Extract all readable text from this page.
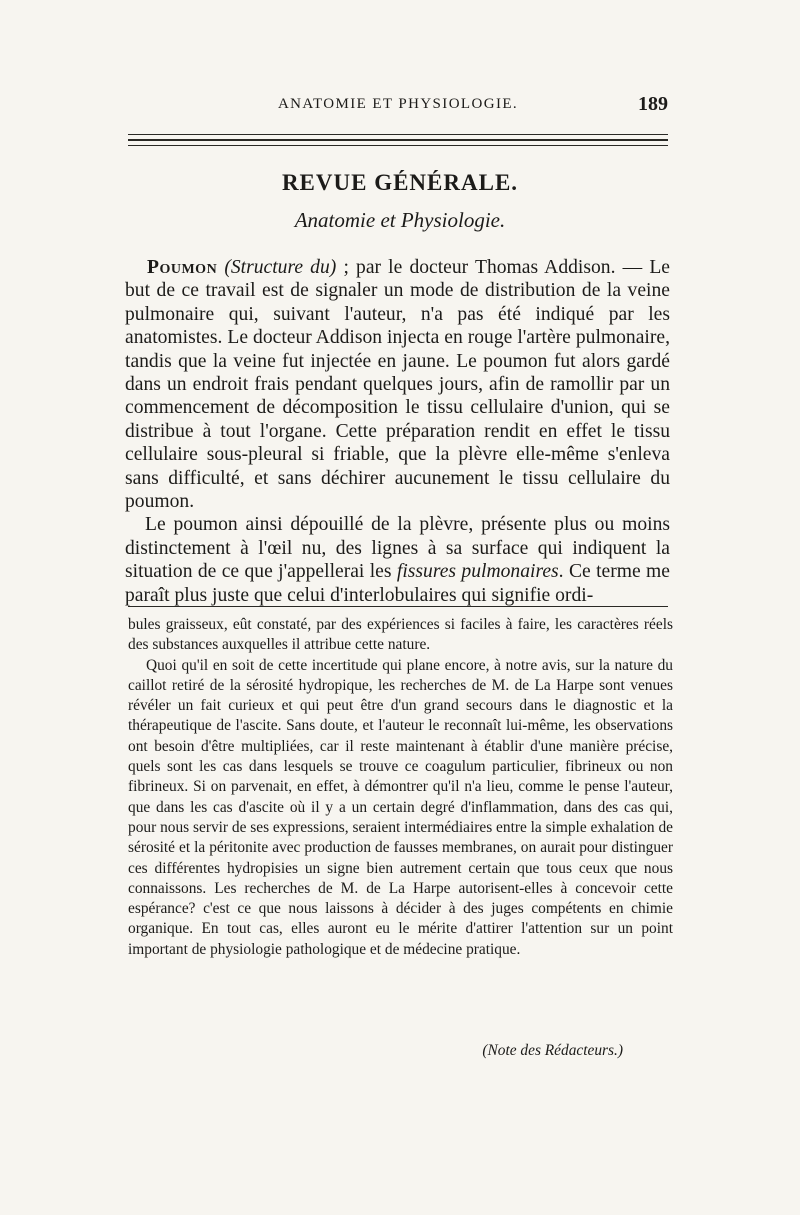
ANATOMIE ET PHYSIOLOGIE.	189
REVUE GÉNÉRALE.
Anatomie et Physiologie.

Poumon (Structure du) ; par le docteur Thomas Addison. — Le but de ce travail est de signaler un mode de distribution de la veine pulmonaire qui, suivant l'auteur, n'a pas été indiqué par les anatomistes. Le docteur Addison injecta en rouge l'artère pulmonaire, tandis que la veine fut injectée en jaune. Le poumon fut alors gardé dans un endroit frais pendant quelques jours, afin de ramollir par un commencement de décomposition le tissu cellulaire d'union, qui se distribue à tout l'organe. Cette préparation rendit en effet le tissu cellulaire sous-pleural si friable, que la plèvre elle-même s'enleva sans difficulté, et sans déchirer aucunement le tissu cellulaire du poumon.

Le poumon ainsi dépouillé de la plèvre, présente plus ou moins distinctement à l'œil nu, des lignes à sa surface qui indiquent la situation de ce que j'appellerai les fissures pulmonaires. Ce terme me paraît plus juste que celui d'interlobulaires qui signifie ordi-

bules graisseux, eût constaté, par des expériences si faciles à faire, les caractères réels des substances auxquelles il attribue cette nature.

Quoi qu'il en soit de cette incertitude qui plane encore, à notre avis, sur la nature du caillot retiré de la sérosité hydropique, les recherches de M. de La Harpe sont venues révéler un fait curieux et qui peut être d'un grand secours dans le diagnostic et la thérapeutique de l'ascite. Sans doute, et l'auteur le reconnaît lui-même, les observations ont besoin d'être multipliées, car il reste maintenant à établir d'une manière précise, quels sont les cas dans lesquels se trouve ce coagulum particulier, fibrineux ou non fibrineux. Si on parvenait, en effet, à démontrer qu'il n'a lieu, comme le pense l'auteur, que dans les cas d'ascite où il y a un certain degré d'inflammation, dans des cas qui, pour nous servir de ses expressions, seraient intermédiaires entre la simple exhalation de sérosité et la péritonite avec production de fausses membranes, on aurait pour distinguer ces différentes hydropisies un signe bien autrement certain que tous ceux que nous connaissons. Les recherches de M. de La Harpe autorisent-elles à concevoir cette espérance? c'est ce que nous laissons à décider à des juges compétents en chimie organique. En tout cas, elles auront eu le mérite d'attirer l'attention sur un point important de physiologie pathologique et de médecine pratique.

(Note des Rédacteurs.)
